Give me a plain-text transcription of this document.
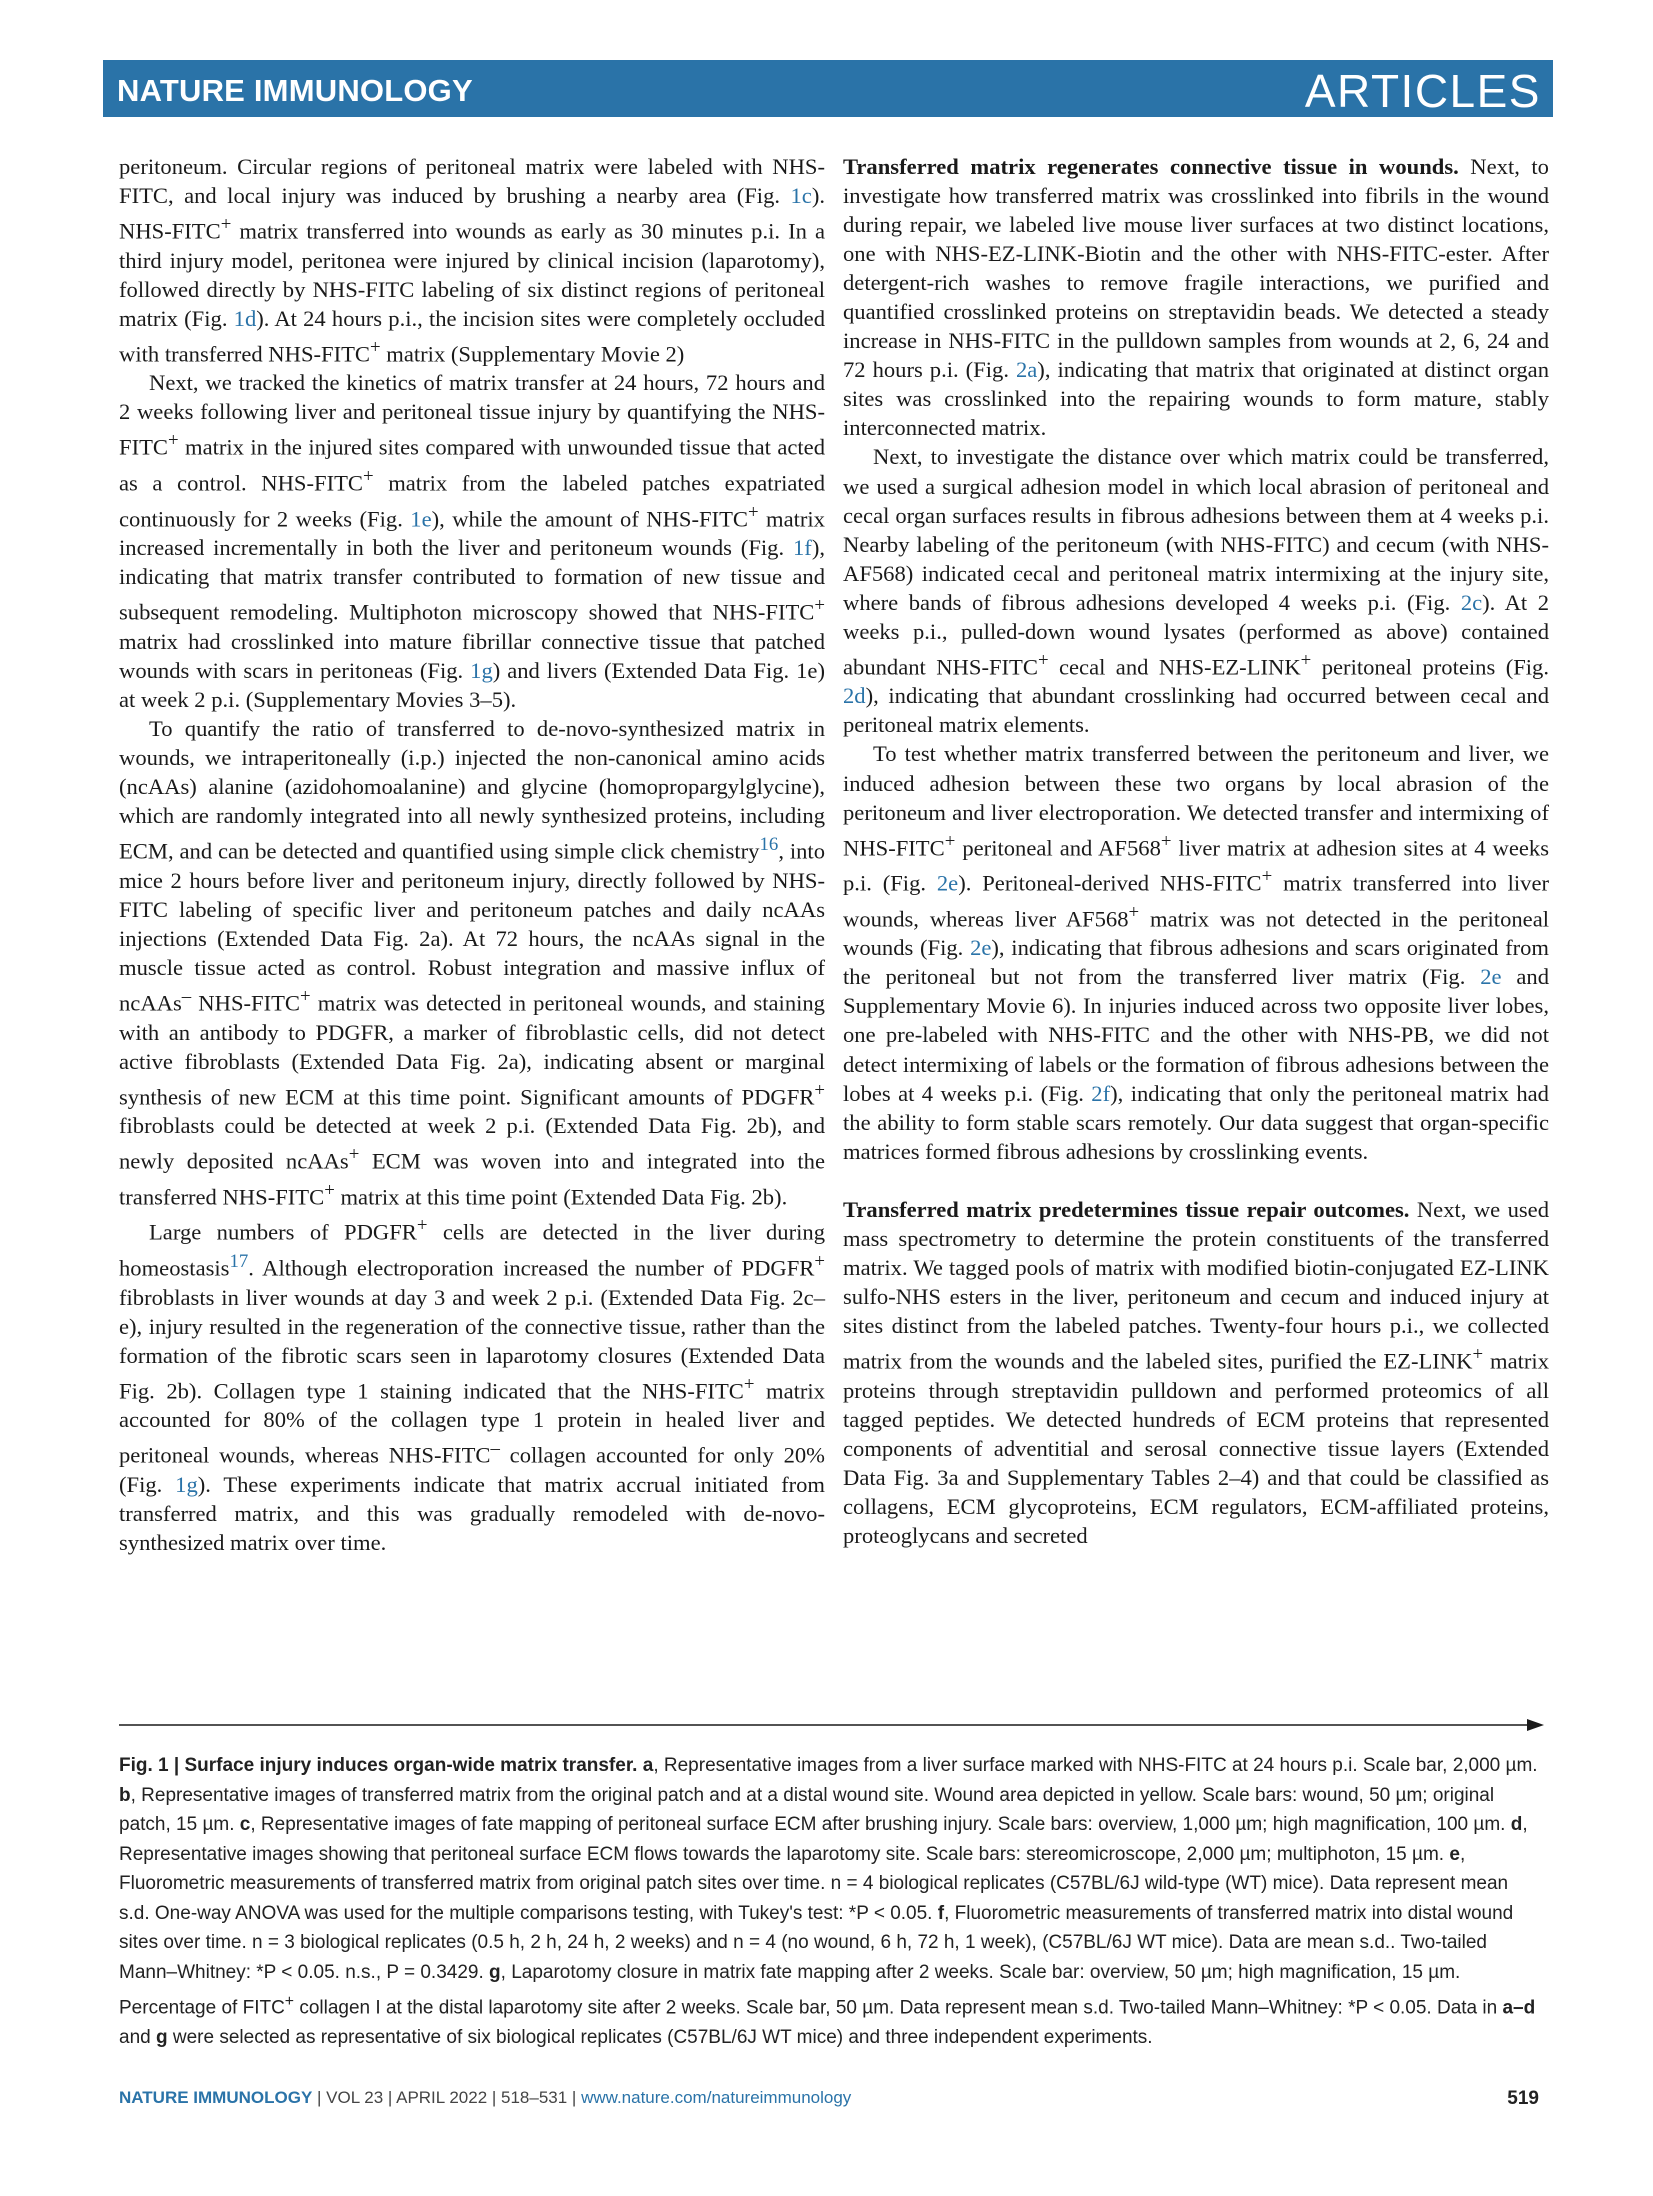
NATURE IMMUNOLOGY	ARTICLES

peritoneum. Circular regions of peritoneal matrix were labeled with NHS-FITC, and local injury was induced by brushing a nearby area (Fig. 1c). NHS-FITC+ matrix transferred into wounds as early as 30 minutes p.i. In a third injury model, peritonea were injured by clinical incision (laparotomy), followed directly by NHS-FITC labeling of six distinct regions of peritoneal matrix (Fig. 1d). At 24 hours p.i., the incision sites were completely occluded with transferred NHS-FITC+ matrix (Supplementary Movie 2)

Next, we tracked the kinetics of matrix transfer at 24 hours, 72 hours and 2 weeks following liver and peritoneal tissue injury by quantifying the NHS-FITC+ matrix in the injured sites compared with unwounded tissue that acted as a control. NHS-FITC+ matrix from the labeled patches expatriated continuously for 2 weeks (Fig. 1e), while the amount of NHS-FITC+ matrix increased incrementally in both the liver and peritoneum wounds (Fig. 1f), indicating that matrix transfer contributed to formation of new tissue and subsequent remodeling. Multiphoton microscopy showed that NHS-FITC+ matrix had crosslinked into mature fibrillar connective tissue that patched wounds with scars in peritoneas (Fig. 1g) and livers (Extended Data Fig. 1e) at week 2 p.i. (Supplementary Movies 3–5).

To quantify the ratio of transferred to de-novo-synthesized matrix in wounds, we intraperitoneally (i.p.) injected the non-canonical amino acids (ncAAs) alanine (azidohomoalanine) and glycine (homopropargylglycine), which are randomly integrated into all newly synthesized proteins, including ECM, and can be detected and quantified using simple click chemistry$^{16}$, into mice 2 hours before liver and peritoneum injury, directly followed by NHS-FITC labeling of specific liver and peritoneum patches and daily ncAAs injections (Extended Data Fig. 2a). At 72 hours, the ncAAs signal in the muscle tissue acted as control. Robust integration and massive influx of ncAAs– NHS-FITC+ matrix was detected in peritoneal wounds, and staining with an antibody to PDGFR, a marker of fibroblastic cells, did not detect active fibroblasts (Extended Data Fig. 2a), indicating absent or marginal synthesis of new ECM at this time point. Significant amounts of PDGFR+ fibroblasts could be detected at week 2 p.i. (Extended Data Fig. 2b), and newly deposited ncAAs+ ECM was woven into and integrated into the transferred NHS-FITC+ matrix at this time point (Extended Data Fig. 2b).

Large numbers of PDGFR+ cells are detected in the liver during homeostasis$^{17}$. Although electroporation increased the number of PDGFR+ fibroblasts in liver wounds at day 3 and week 2 p.i. (Extended Data Fig. 2c–e), injury resulted in the regeneration of the connective tissue, rather than the formation of the fibrotic scars seen in laparotomy closures (Extended Data Fig. 2b). Collagen type 1 staining indicated that the NHS-FITC+ matrix accounted for 80% of the collagen type 1 protein in healed liver and peritoneal wounds, whereas NHS-FITC– collagen accounted for only 20% (Fig. 1g). These experiments indicate that matrix accrual initiated from transferred matrix, and this was gradually remodeled with de-novo-synthesized matrix over time.

Transferred matrix regenerates connective tissue in wounds. Next, to investigate how transferred matrix was crosslinked into fibrils in the wound during repair, we labeled live mouse liver surfaces at two distinct locations, one with NHS-EZ-LINK-Biotin and the other with NHS-FITC-ester. After detergent-rich washes to remove fragile interactions, we purified and quantified crosslinked proteins on streptavidin beads. We detected a steady increase in NHS-FITC in the pulldown samples from wounds at 2, 6, 24 and 72 hours p.i. (Fig. 2a), indicating that matrix that originated at distinct organ sites was crosslinked into the repairing wounds to form mature, stably interconnected matrix.

Next, to investigate the distance over which matrix could be transferred, we used a surgical adhesion model in which local abrasion of peritoneal and cecal organ surfaces results in fibrous adhesions between them at 4 weeks p.i. Nearby labeling of the peritoneum (with NHS-FITC) and cecum (with NHS-AF568) indicated cecal and peritoneal matrix intermixing at the injury site, where bands of fibrous adhesions developed 4 weeks p.i. (Fig. 2c). At 2 weeks p.i., pulled-down wound lysates (performed as above) contained abundant NHS-FITC+ cecal and NHS-EZ-LINK+ peritoneal proteins (Fig. 2d), indicating that abundant crosslinking had occurred between cecal and peritoneal matrix elements.

To test whether matrix transferred between the peritoneum and liver, we induced adhesion between these two organs by local abrasion of the peritoneum and liver electroporation. We detected transfer and intermixing of NHS-FITC+ peritoneal and AF568+ liver matrix at adhesion sites at 4 weeks p.i. (Fig. 2e). Peritoneal-derived NHS-FITC+ matrix transferred into liver wounds, whereas liver AF568+ matrix was not detected in the peritoneal wounds (Fig. 2e), indicating that fibrous adhesions and scars originated from the peritoneal but not from the transferred liver matrix (Fig. 2e and Supplementary Movie 6). In injuries induced across two opposite liver lobes, one pre-labeled with NHS-FITC and the other with NHS-PB, we did not detect intermixing of labels or the formation of fibrous adhesions between the lobes at 4 weeks p.i. (Fig. 2f), indicating that only the peritoneal matrix had the ability to form stable scars remotely. Our data suggest that organ-specific matrices formed fibrous adhesions by crosslinking events.

Transferred matrix predetermines tissue repair outcomes. Next, we used mass spectrometry to determine the protein constituents of the transferred matrix. We tagged pools of matrix with modified biotin-conjugated EZ-LINK sulfo-NHS esters in the liver, peritoneum and cecum and induced injury at sites distinct from the labeled patches. Twenty-four hours p.i., we collected matrix from the wounds and the labeled sites, purified the EZ-LINK+ matrix proteins through streptavidin pulldown and performed proteomics of all tagged peptides. We detected hundreds of ECM proteins that represented components of adventitial and serosal connective tissue layers (Extended Data Fig. 3a and Supplementary Tables 2–4) and that could be classified as collagens, ECM glycoproteins, ECM regulators, ECM-affiliated proteins, proteoglycans and secreted

Fig. 1 | Surface injury induces organ-wide matrix transfer. a, Representative images from a liver surface marked with NHS-FITC at 24 hours p.i. Scale bar, 2,000 µm. b, Representative images of transferred matrix from the original patch and at a distal wound site. Wound area depicted in yellow. Scale bars: wound, 50 µm; original patch, 15 µm. c, Representative images of fate mapping of peritoneal surface ECM after brushing injury. Scale bars: overview, 1,000 µm; high magnification, 100 µm. d, Representative images showing that peritoneal surface ECM flows towards the laparotomy site. Scale bars: stereomicroscope, 2,000 µm; multiphoton, 15 µm. e, Fluorometric measurements of transferred matrix from original patch sites over time. n = 4 biological replicates (C57BL/6J wild-type (WT) mice). Data represent mean s.d. One-way ANOVA was used for the multiple comparisons testing, with Tukey's test: *P < 0.05. f, Fluorometric measurements of transferred matrix into distal wound sites over time. n = 3 biological replicates (0.5 h, 2 h, 24 h, 2 weeks) and n = 4 (no wound, 6 h, 72 h, 1 week), (C57BL/6J WT mice). Data are mean s.d.. Two-tailed Mann–Whitney: *P < 0.05. n.s., P = 0.3429. g, Laparotomy closure in matrix fate mapping after 2 weeks. Scale bar: overview, 50 µm; high magnification, 15 µm. Percentage of FITC+ collagen I at the distal laparotomy site after 2 weeks. Scale bar, 50 µm. Data represent mean s.d. Two-tailed Mann–Whitney: *P < 0.05. Data in a–d and g were selected as representative of six biological replicates (C57BL/6J WT mice) and three independent experiments.
NATURE IMMUNOLOGY | VOL 23 | APRIL 2022 | 518–531 | www.nature.com/natureimmunology	519
